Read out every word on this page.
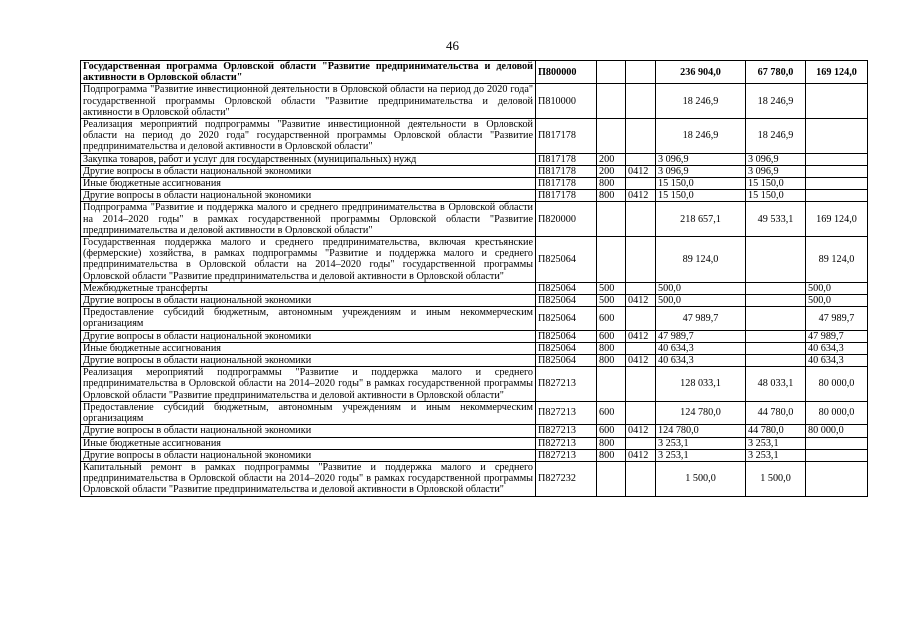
46
Государственная программа Орловской области "Развитие предпринимательства и деловой активности в Орловской области"	П800000			236 904,0	67 780,0	169 124,0
Подпрограмма "Развитие инвестиционной деятельности в Орловской области на период до 2020 года" государственной программы Орловской области "Развитие предпринимательства и деловой активности в Орловской области"	П810000			18 246,9	18 246,9	
Реализация мероприятий подпрограммы "Развитие инвестиционной деятельности в Орловской области на период до 2020 года" государственной программы Орловской области "Развитие предпринимательства и деловой активности в Орловской области"	П817178			18 246,9	18 246,9	
Закупка товаров, работ и услуг для государственных (муниципальных) нужд	П817178	200		3 096,9	3 096,9	
Другие вопросы в области национальной экономики	П817178	200	0412	3 096,9	3 096,9	
Иные бюджетные ассигнования	П817178	800		15 150,0	15 150,0	
Другие вопросы в области национальной экономики	П817178	800	0412	15 150,0	15 150,0	
Подпрограмма "Развитие и поддержка малого и среднего предпринимательства в Орловской области на 2014–2020 годы" в рамках государственной программы Орловской области "Развитие предпринимательства и деловой активности в Орловской области"	П820000			218 657,1	49 533,1	169 124,0
Государственная поддержка малого и среднего предпринимательства, включая крестьянские (фермерские) хозяйства, в рамках подпрограммы "Развитие и поддержка малого и среднего предпринимательства в Орловской области на 2014–2020 годы" государственной программы Орловской области "Развитие предпринимательства и деловой активности в Орловской области"	П825064			89 124,0		89 124,0
Межбюджетные трансферты	П825064	500		500,0		500,0
Другие вопросы в области национальной экономики	П825064	500	0412	500,0		500,0
Предоставление субсидий бюджетным, автономным учреждениям и иным некоммерческим организациям	П825064	600		47 989,7		47 989,7
Другие вопросы в области национальной экономики	П825064	600	0412	47 989,7		47 989,7
Иные бюджетные ассигнования	П825064	800		40 634,3		40 634,3
Другие вопросы в области национальной экономики	П825064	800	0412	40 634,3		40 634,3
Реализация мероприятий подпрограммы "Развитие и поддержка малого и среднего предпринимательства в Орловской области на 2014–2020 годы" в рамках государственной программы Орловской области "Развитие предпринимательства и деловой активности в Орловской области"	П827213			128 033,1	48 033,1	80 000,0
Предоставление субсидий бюджетным, автономным учреждениям и иным некоммерческим организациям	П827213	600		124 780,0	44 780,0	80 000,0
Другие вопросы в области национальной экономики	П827213	600	0412	124 780,0	44 780,0	80 000,0
Иные бюджетные ассигнования	П827213	800		3 253,1	3 253,1	
Другие вопросы в области национальной экономики	П827213	800	0412	3 253,1	3 253,1	
Капитальный ремонт в рамках подпрограммы "Развитие и поддержка малого и среднего предпринимательства в Орловской области на 2014–2020 годы" в рамках государственной программы Орловской области "Развитие предпринимательства и деловой активности в Орловской области"	П827232			1 500,0	1 500,0	
